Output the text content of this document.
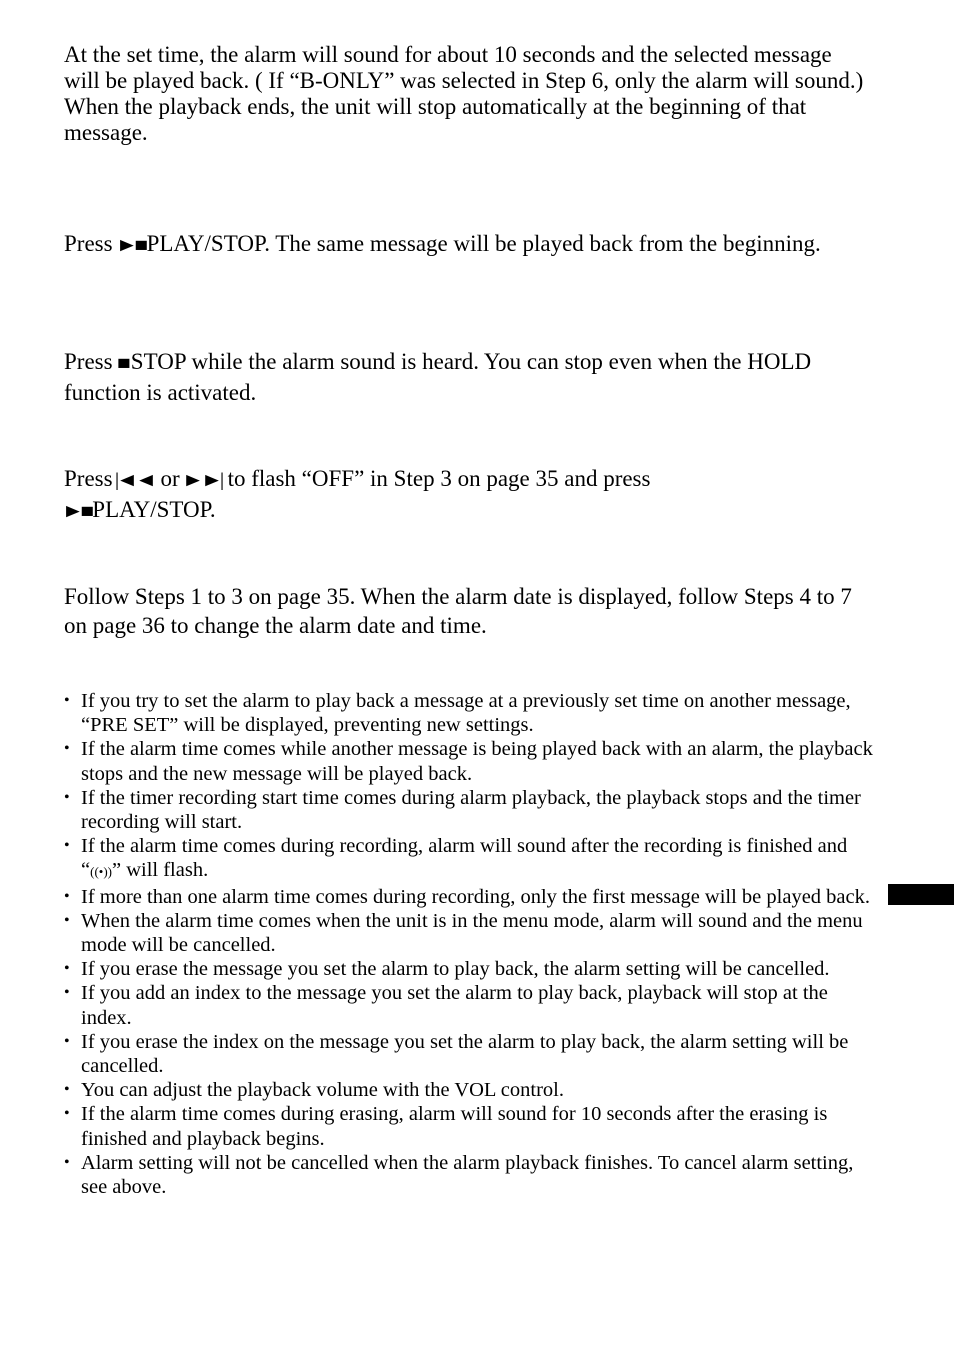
At the set time, the alarm will sound for about 10 seconds and the selected message will be played back. ( If “B-ONLY” was selected in Step 6, only the alarm will sound.)
When the playback ends, the unit will stop automatically at the beginning of that message.

Press ►■PLAY/STOP. The same message will be played back from the beginning.

Press ■ STOP while the alarm sound is heard. You can stop even when the HOLD function is activated.

Press |◄◄ or ►►| to flash “OFF” in Step 3 on page 35 and press
►■PLAY/STOP.

Follow Steps 1 to 3 on page 35. When the alarm date is displayed, follow Steps 4 to 7 on page 36 to change the alarm date and time.

• If you try to set the alarm to play back a message at a previously set time on another message, “PRE SET” will be displayed, preventing new settings.
• If the alarm time comes while another message is being played back with an alarm, the playback stops and the new message will be played back.
• If the timer recording start time comes during alarm playback, the playback stops and the timer recording will start.
• If the alarm time comes during recording, alarm will sound after the recording is finished and “((•))” will flash.
• If more than one alarm time comes during recording, only the first message will be played back.
• When the alarm time comes when the unit is in the menu mode, alarm will sound and the menu mode will be cancelled.
• If you erase the message you set the alarm to play back, the alarm setting will be cancelled.
• If you add an index to the message you set the alarm to play back, playback will stop at the index.
• If you erase the index on the message you set the alarm to play back, the alarm setting will be cancelled.
• You can adjust the playback volume with the VOL control.
• If the alarm time comes during erasing, alarm will sound for 10 seconds after the erasing is finished and playback begins.
• Alarm setting will not be cancelled when the alarm playback finishes. To cancel alarm setting, see above.
